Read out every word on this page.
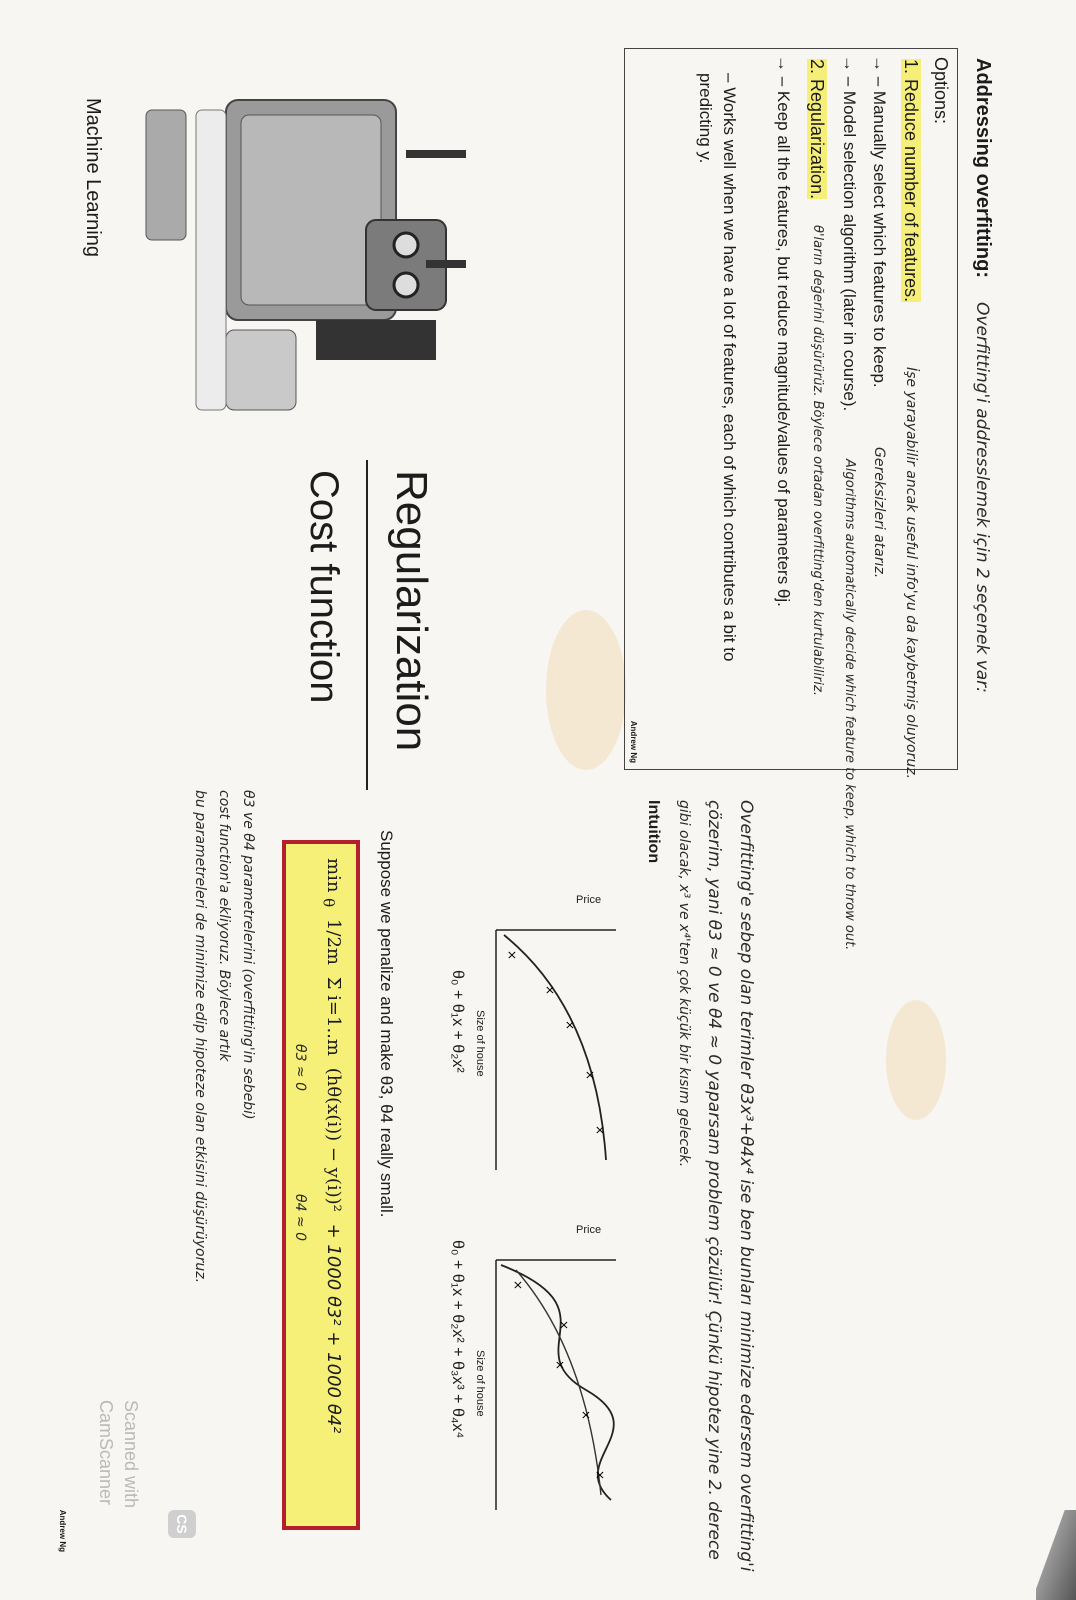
Addressing overfitting:
Overfitting'i addresslemek için 2 seçenek var:
Options:
1. Reduce number of features.
İşe yarayabilir ancak useful info'yu da kaybetmiş oluyoruz.
→ – Manually select which features to keep.
Gereksizleri atarız.
→ – Model selection algorithm (later in course).
Algorithms automatically decide which feature to keep, which to throw out.
2. Regularization.
θ'ların değerini düşürürüz. Böylece ortadan overfitting'den kurtulabiliriz.
→ – Keep all the features, but reduce magnitude/values of parameters θj.
– Works well when we have a lot of features, each of which contributes a bit to predicting y.
Andrew Ng
Regularization
Cost function
Machine Learning
Overfitting'e sebep olan terimler θ3x³+θ4x⁴ ise ben bunları minimize edersem overfitting'i
çözerim, yani θ3 ≈ 0 ve θ4 ≈ 0 yaparsam problem çözülür! Çünkü hipotez yine 2. derece
gibi olacak, x³ ve x⁴'ten çok küçük bir kısım gelecek.
Intuition
×
×
×
×
×
Price
Size of house
θ₀ + θ₁x + θ₂x²
×
×
×
×
×
Price
Size of house
θ₀ + θ₁x + θ₂x² + θ₃x³ + θ₄x⁴
Suppose we penalize and make θ3, θ4 really small.
min $_\theta$ 1/2m Σ i=1..m (hθ(x(i)) − y(i))² + 1000 θ3² + 1000 θ4²
θ3 ≈ 0
θ4 ≈ 0
θ3 ve θ4 parametrelerini (overfitting'in sebebi)
cost function'a ekliyoruz. Böylece artık
bu parametreleri de minimize edip hipoteze olan etkisini düşürüyoruz.
Andrew Ng	CS
Scanned with
CamScanner
